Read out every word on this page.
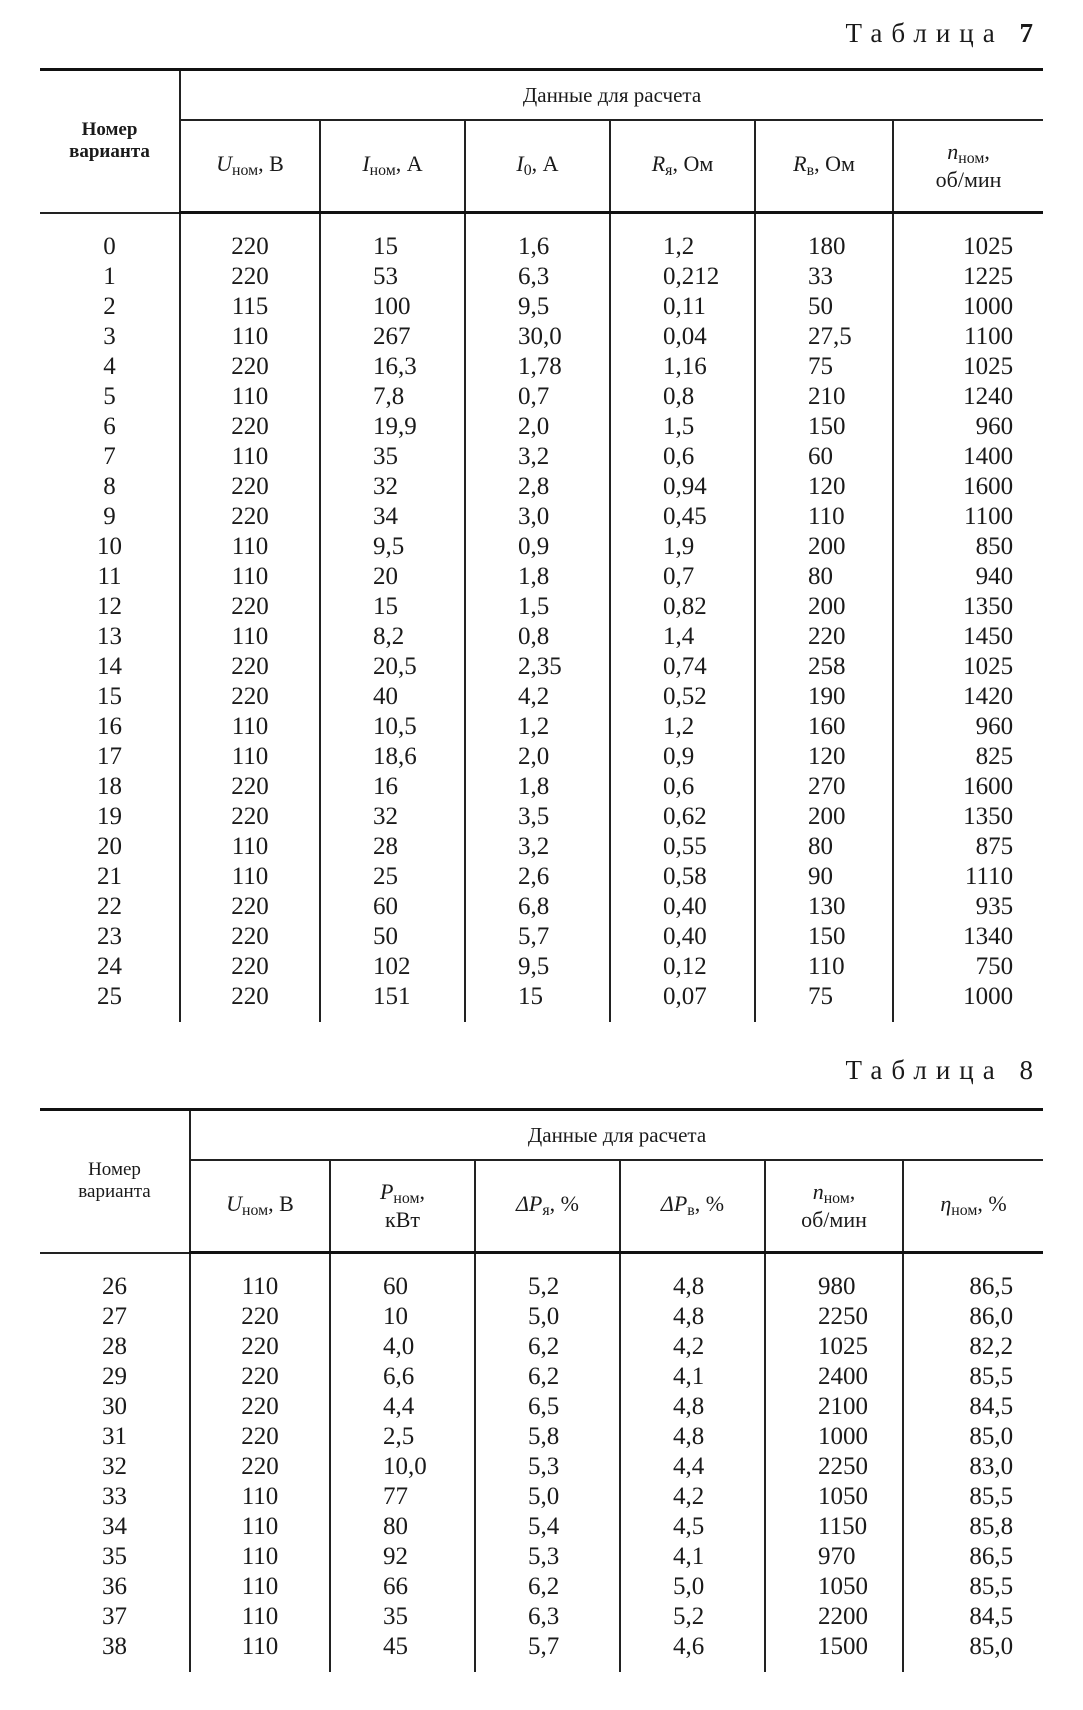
Таблица 7
Номер
варианта	Данные для расчета					
	$U_{ном}$, В	$I_{ном}$, А	$I_0$, А	$R_я$, Ом	$R_в$, Ом	$n_{ном}$,
об/мин

0	220	15	1,6	1,2	180	1025
1	220	53	6,3	0,212	33	1225
2	115	100	9,5	0,11	50	1000
3	110	267	30,0	0,04	27,5	1100
4	220	16,3	1,78	1,16	75	1025
5	110	7,8	0,7	0,8	210	1240
6	220	19,9	2,0	1,5	150	960
7	110	35	3,2	0,6	60	1400
8	220	32	2,8	0,94	120	1600
9	220	34	3,0	0,45	110	1100
10	110	9,5	0,9	1,9	200	850
11	110	20	1,8	0,7	80	940
12	220	15	1,5	0,82	200	1350
13	110	8,2	0,8	1,4	220	1450
14	220	20,5	2,35	0,74	258	1025
15	220	40	4,2	0,52	190	1420
16	110	10,5	1,2	1,2	160	960
17	110	18,6	2,0	0,9	120	825
18	220	16	1,8	0,6	270	1600
19	220	32	3,5	0,62	200	1350
20	110	28	3,2	0,55	80	875
21	110	25	2,6	0,58	90	1110
22	220	60	6,8	0,40	130	935
23	220	50	5,7	0,40	150	1340
24	220	102	9,5	0,12	110	750
25	220	151	15	0,07	75	1000

Таблица 8
Номер
варианта	Данные для расчета					
	$U_{ном}$, В	$P_{ном}$,
кВт	$\Delta P_я$, %	$\Delta P_в$, %	$n_{ном}$,
об/мин	$\eta_{ном}$, %

26	110	60	5,2	4,8	980	86,5
27	220	10	5,0	4,8	2250	86,0
28	220	4,0	6,2	4,2	1025	82,2
29	220	6,6	6,2	4,1	2400	85,5
30	220	4,4	6,5	4,8	2100	84,5
31	220	2,5	5,8	4,8	1000	85,0
32	220	10,0	5,3	4,4	2250	83,0
33	110	77	5,0	4,2	1050	85,5
34	110	80	5,4	4,5	1150	85,8
35	110	92	5,3	4,1	970	86,5
36	110	66	6,2	5,0	1050	85,5
37	110	35	6,3	5,2	2200	84,5
38	110	45	5,7	4,6	1500	85,0
